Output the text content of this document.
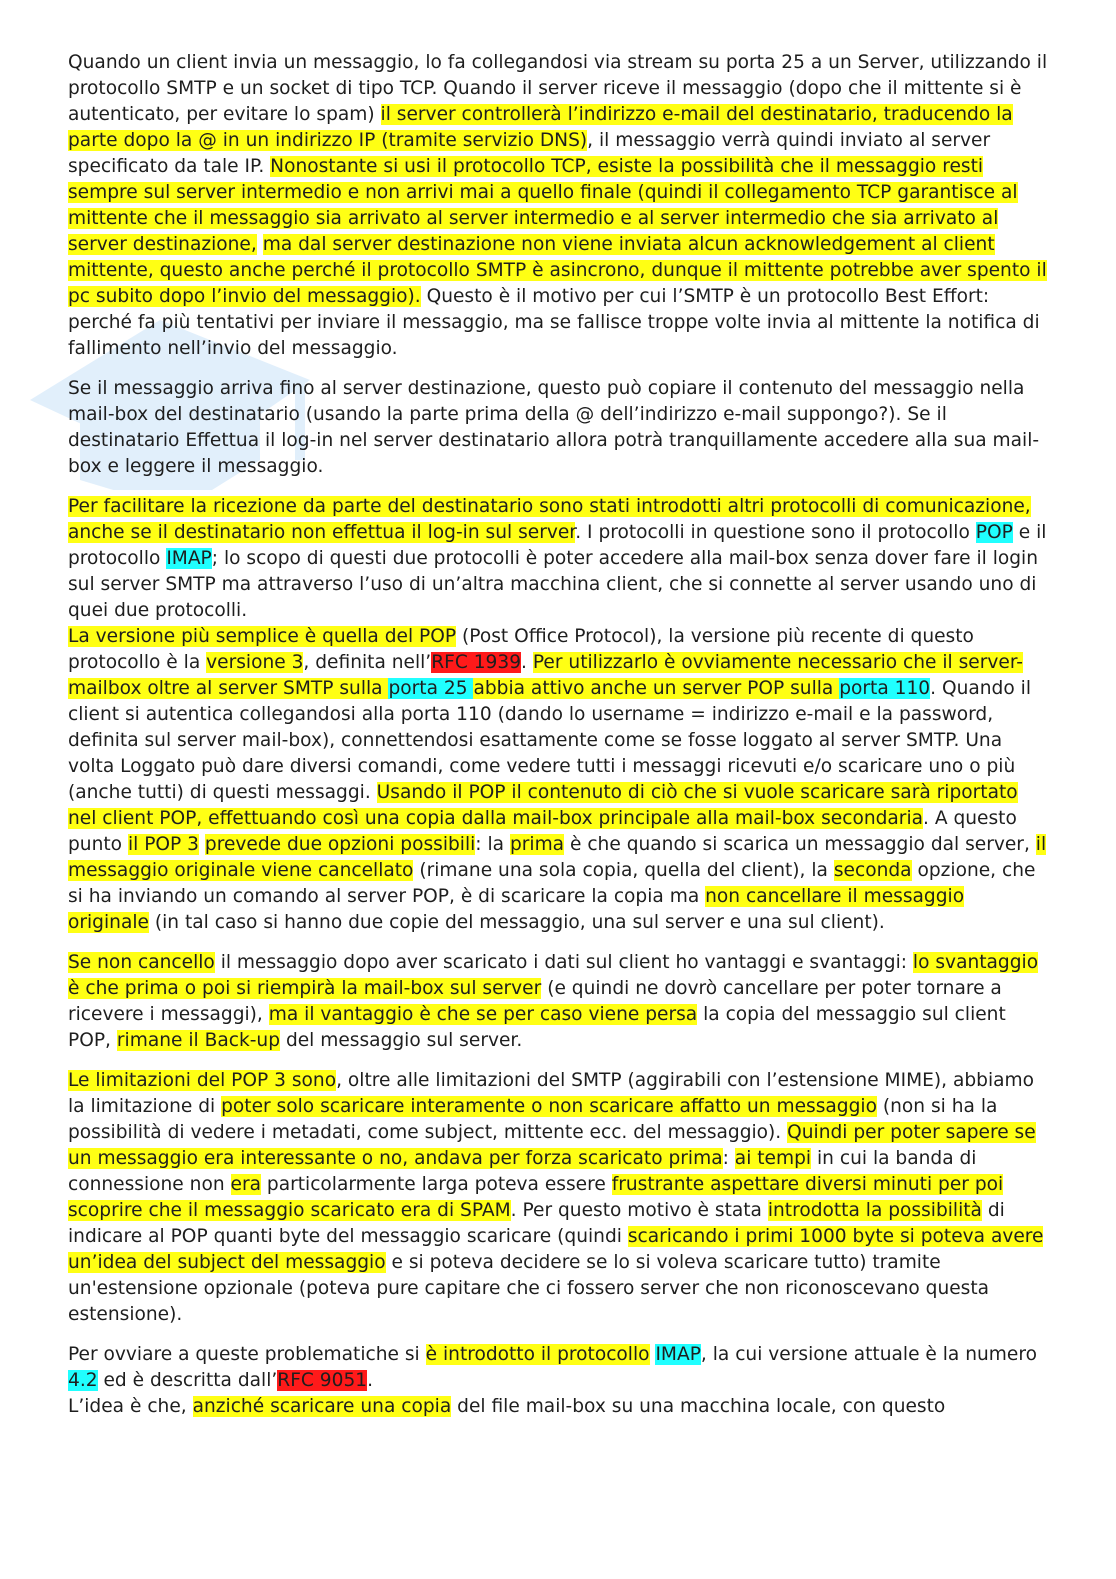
Quando un client invia un messaggio, lo fa collegandosi via stream su porta 25 a un Server, utilizzando il protocollo SMTP e un socket di tipo TCP. Quando il server riceve il messaggio (dopo che il mittente si è autenticato, per evitare lo spam) il server controllerà l’indirizzo e-mail del destinatario, traducendo la parte dopo la @ in un indirizzo IP (tramite servizio DNS), il messaggio verrà quindi inviato al server specificato da tale IP. Nonostante si usi il protocollo TCP, esiste la possibilità che il messaggio resti sempre sul server intermedio e non arrivi mai a quello finale (quindi il collegamento TCP garantisce al mittente che il messaggio sia arrivato al server intermedio e al server intermedio che sia arrivato al server destinazione, ma dal server destinazione non viene inviata alcun acknowledgement al client mittente, questo anche perché il protocollo SMTP è asincrono, dunque il mittente potrebbe aver spento il pc subito dopo l’invio del messaggio). Questo è il motivo per cui l’SMTP è un protocollo Best Effort: perché fa più tentativi per inviare il messaggio, ma se fallisce troppe volte invia al mittente la notifica di fallimento nell’invio del messaggio.

Se il messaggio arriva fino al server destinazione, questo può copiare il contenuto del messaggio nella mail-box del destinatario (usando la parte prima della @ dell’indirizzo e-mail suppongo?). Se il destinatario Effettua il log-in nel server destinatario allora potrà tranquillamente accedere alla sua mail-box e leggere il messaggio.

Per facilitare la ricezione da parte del destinatario sono stati introdotti altri protocolli di comunicazione, anche se il destinatario non effettua il log-in sul server. I protocolli in questione sono il protocollo POP e il protocollo IMAP; lo scopo di questi due protocolli è poter accedere alla mail-box senza dover fare il login sul server SMTP ma attraverso l’uso di un’altra macchina client, che si connette al server usando uno di quei due protocolli.

La versione più semplice è quella del POP (Post Office Protocol), la versione più recente di questo protocollo è la versione 3, definita nell’RFC 1939. Per utilizzarlo è ovviamente necessario che il server-mailbox oltre al server SMTP sulla porta 25 abbia attivo anche un server POP sulla porta 110. Quando il client si autentica collegandosi alla porta 110 (dando lo username = indirizzo e-mail e la password, definita sul server mail-box), connettendosi esattamente come se fosse loggato al server SMTP. Una volta Loggato può dare diversi comandi, come vedere tutti i messaggi ricevuti e/o scaricare uno o più (anche tutti) di questi messaggi. Usando il POP il contenuto di ciò che si vuole scaricare sarà riportato nel client POP, effettuando così una copia dalla mail-box principale alla mail-box secondaria. A questo punto il POP 3 prevede due opzioni possibili: la prima è che quando si scarica un messaggio dal server, il messaggio originale viene cancellato (rimane una sola copia, quella del client), la seconda opzione, che si ha inviando un comando al server POP, è di scaricare la copia ma non cancellare il messaggio originale (in tal caso si hanno due copie del messaggio, una sul server e una sul client).

Se non cancello il messaggio dopo aver scaricato i dati sul client ho vantaggi e svantaggi: lo svantaggio è che prima o poi si riempirà la mail-box sul server (e quindi ne dovrò cancellare per poter tornare a ricevere i messaggi), ma il vantaggio è che se per caso viene persa la copia del messaggio sul client POP, rimane il Back-up del messaggio sul server.

Le limitazioni del POP 3 sono, oltre alle limitazioni del SMTP (aggirabili con l’estensione MIME), abbiamo la limitazione di poter solo scaricare interamente o non scaricare affatto un messaggio (non si ha la possibilità di vedere i metadati, come subject, mittente ecc. del messaggio). Quindi per poter sapere se un messaggio era interessante o no, andava per forza scaricato prima: ai tempi in cui la banda di connessione non era particolarmente larga poteva essere frustrante aspettare diversi minuti per poi scoprire che il messaggio scaricato era di SPAM. Per questo motivo è stata introdotta la possibilità di indicare al POP quanti byte del messaggio scaricare (quindi scaricando i primi 1000 byte si poteva avere un’idea del subject del messaggio e si poteva decidere se lo si voleva scaricare tutto) tramite un'estensione opzionale (poteva pure capitare che ci fossero server che non riconoscevano questa estensione).

Per ovviare a queste problematiche si è introdotto il protocollo IMAP, la cui versione attuale è la numero 4.2 ed è descritta dall’RFC 9051.

L’idea è che, anziché scaricare una copia del file mail-box su una macchina locale, con questo
